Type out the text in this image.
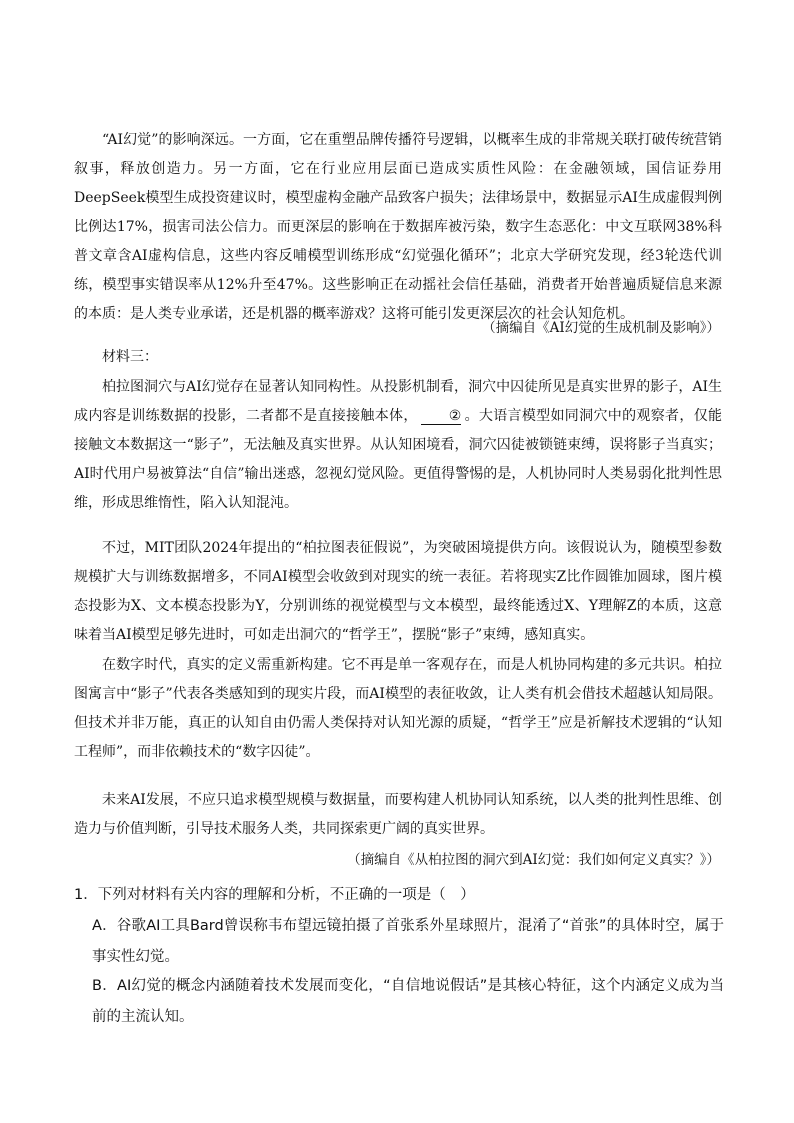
“AI幻觉”的影响深远。一方面，它在重塑品牌传播符号逻辑，以概率生成的非常规关联打破传统营销叙事，释放创造力。另一方面，它在行业应用层面已造成实质性风险：在金融领域，国信证券用DeepSeek模型生成投资建议时，模型虚构金融产品致客户损失；法律场景中，数据显示AI生成虚假判例比例达17%，损害司法公信力。而更深层的影响在于数据库被污染，数字生态恶化：中文互联网38%科普文章含AI虚构信息，这些内容反哺模型训练形成“幻觉强化循环”；北京大学研究发现，经3轮迭代训练，模型事实错误率从12%升至47%。这些影响正在动摇社会信任基础，消费者开始普遍质疑信息来源的本质：是人类专业承诺，还是机器的概率游戏？这将可能引发更深层次的社会认知危机。

（摘编自《AI幻觉的生成机制及影响》）

材料三：

柏拉图洞穴与AI幻觉存在显著认知同构性。从投影机制看，洞穴中囚徒所见是真实世界的影子，AI生成内容是训练数据的投影，二者都不是直接接触本体， ② 。大语言模型如同洞穴中的观察者，仅能接触文本数据这一“影子”，无法触及真实世界。从认知困境看，洞穴囚徒被锁链束缚，误将影子当真实；AI时代用户易被算法“自信”输出迷惑，忽视幻觉风险。更值得警惕的是，人机协同时人类易弱化批判性思维，形成思维惰性，陷入认知混沌。

不过，MIT团队2024年提出的“柏拉图表征假说”，为突破困境提供方向。该假说认为，随模型参数规模扩大与训练数据增多，不同AI模型会收敛到对现实的统一表征。若将现实Z比作圆锥加圆球，图片模态投影为X、文本模态投影为Y，分别训练的视觉模型与文本模型，最终能透过X、Y理解Z的本质，这意味着当AI模型足够先进时，可如走出洞穴的“哲学王”，摆脱“影子”束缚，感知真实。

在数字时代，真实的定义需重新构建。它不再是单一客观存在，而是人机协同构建的多元共识。柏拉图寓言中“影子”代表各类感知到的现实片段，而AI模型的表征收敛，让人类有机会借技术超越认知局限。但技术并非万能，真正的认知自由仍需人类保持对认知光源的质疑，“哲学王”应是祈解技术逻辑的“认知工程师”，而非依赖技术的“数字囚徒”。

未来AI发展，不应只追求模型规模与数据量，而要构建人机协同认知系统，以人类的批判性思维、创造力与价值判断，引导技术服务人类，共同探索更广阔的真实世界。

（摘编自《从柏拉图的洞穴到AI幻觉：我们如何定义真实？》）

1．下列对材料有关内容的理解和分析，不正确的一项是（　）

A．谷歌AI工具Bard曾误称韦布望远镜拍摄了首张系外星球照片，混淆了“首张”的具体时空，属于事实性幻觉。

B．AI幻觉的概念内涵随着技术发展而变化，“自信地说假话”是其核心特征，这个内涵定义成为当前的主流认知。
